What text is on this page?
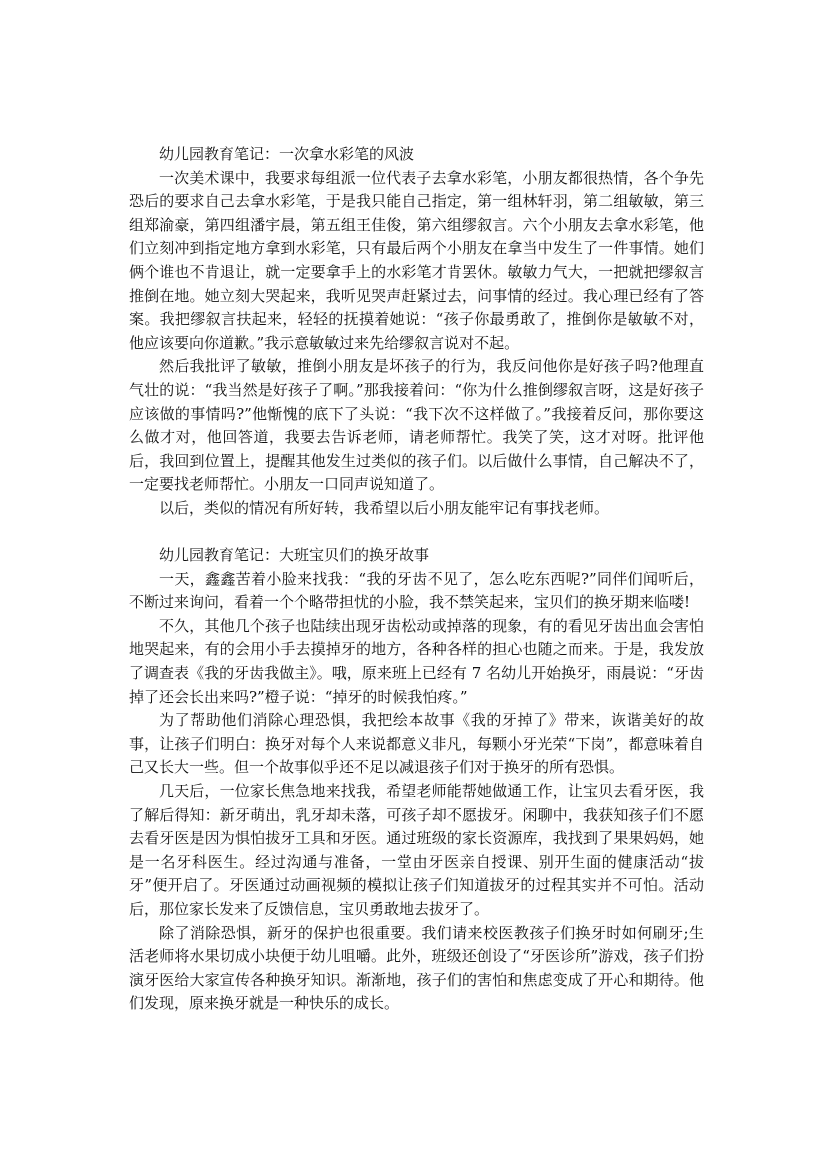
幼儿园教育笔记：一次拿水彩笔的风波

一次美术课中，我要求每组派一位代表子去拿水彩笔，小朋友都很热情，各个争先恐后的要求自己去拿水彩笔，于是我只能自己指定，第一组林轩羽，第二组敏敏，第三组郑渝豪，第四组潘宇晨，第五组王佳俊，第六组缪叙言。六个小朋友去拿水彩笔，他们立刻冲到指定地方拿到水彩笔，只有最后两个小朋友在拿当中发生了一件事情。她们俩个谁也不肯退让，就一定要拿手上的水彩笔才肯罢休。敏敏力气大，一把就把缪叙言推倒在地。她立刻大哭起来，我听见哭声赶紧过去，问事情的经过。我心理已经有了答案。我把缪叙言扶起来，轻轻的抚摸着她说：“孩子你最勇敢了，推倒你是敏敏不对，他应该要向你道歉。”我示意敏敏过来先给缪叙言说对不起。

然后我批评了敏敏，推倒小朋友是坏孩子的行为，我反问他你是好孩子吗?他理直气壮的说：“我当然是好孩子了啊。”那我接着问：“你为什么推倒缪叙言呀，这是好孩子应该做的事情吗?”他惭愧的底下了头说：“我下次不这样做了。”我接着反问，那你要这么做才对，他回答道，我要去告诉老师，请老师帮忙。我笑了笑，这才对呀。批评他后，我回到位置上，提醒其他发生过类似的孩子们。以后做什么事情，自己解决不了，一定要找老师帮忙。小朋友一口同声说知道了。

以后，类似的情况有所好转，我希望以后小朋友能牢记有事找老师。

幼儿园教育笔记：大班宝贝们的换牙故事

一天，鑫鑫苦着小脸来找我：“我的牙齿不见了，怎么吃东西呢?”同伴们闻听后，不断过来询问，看着一个个略带担忧的小脸，我不禁笑起来，宝贝们的换牙期来临喽!

不久，其他几个孩子也陆续出现牙齿松动或掉落的现象，有的看见牙齿出血会害怕地哭起来，有的会用小手去摸掉牙的地方，各种各样的担心也随之而来。于是，我发放了调查表《我的牙齿我做主》。哦，原来班上已经有 7 名幼儿开始换牙，雨晨说：“牙齿掉了还会长出来吗?”橙子说：“掉牙的时候我怕疼。”

为了帮助他们消除心理恐惧，我把绘本故事《我的牙掉了》带来，诙谐美好的故事，让孩子们明白：换牙对每个人来说都意义非凡，每颗小牙光荣“下岗”，都意味着自己又长大一些。但一个故事似乎还不足以减退孩子们对于换牙的所有恐惧。

几天后，一位家长焦急地来找我，希望老师能帮她做通工作，让宝贝去看牙医，我了解后得知：新牙萌出，乳牙却未落，可孩子却不愿拔牙。闲聊中，我获知孩子们不愿去看牙医是因为惧怕拔牙工具和牙医。通过班级的家长资源库，我找到了果果妈妈，她是一名牙科医生。经过沟通与准备，一堂由牙医亲自授课、别开生面的健康活动“拔牙”便开启了。牙医通过动画视频的模拟让孩子们知道拔牙的过程其实并不可怕。活动后，那位家长发来了反馈信息，宝贝勇敢地去拔牙了。

除了消除恐惧，新牙的保护也很重要。我们请来校医教孩子们换牙时如何刷牙;生活老师将水果切成小块便于幼儿咀嚼。此外，班级还创设了“牙医诊所”游戏，孩子们扮演牙医给大家宣传各种换牙知识。渐渐地，孩子们的害怕和焦虑变成了开心和期待。他们发现，原来换牙就是一种快乐的成长。
